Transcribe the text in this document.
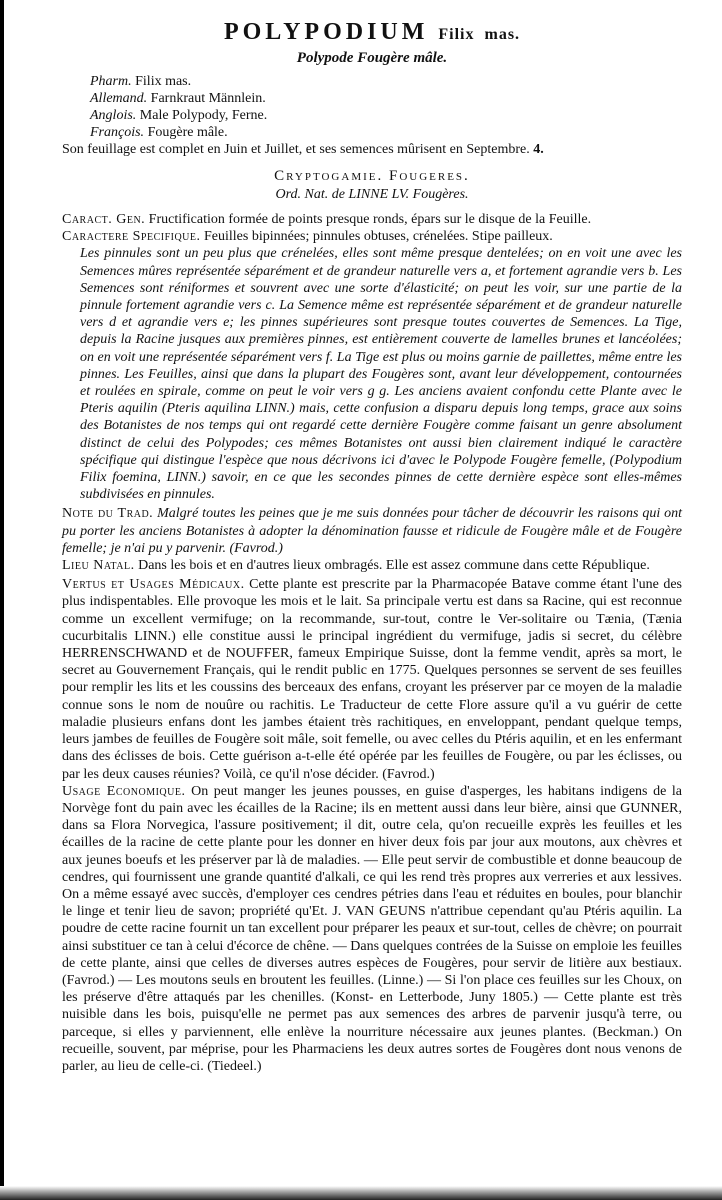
POLYPODIUM Filix mas.
Polypode Fougère mâle.
Pharm. Filix mas.
Allemand. Farnkraut Männlein.
Anglois. Male Polypody, Ferne.
François. Fougère mâle.
Son feuillage est complet en Juin et Juillet, et ses semences mûrisent en Septembre. 4.
Cryptogamie. Fougeres.
Ord. Nat. de LINNE LV. Fougères.
Caract. Gen. Fructification formée de points presque ronds, épars sur le disque de la Feuille.
Caractere Specifique. Feuilles bipinnées; pinnules obtuses, crénelées. Stipe pailleux.
Les pinnules sont un peu plus que crénelées, elles sont même presque dentelées; on en voit une avec les Semences mûres représentée séparément et de grandeur naturelle vers a, et fortement agrandie vers b. Les Semences sont réniformes et souvrent avec une sorte d'élasticité; on peut les voir, sur une partie de la pinnule fortement agrandie vers c. La Semence même est représentée séparément et de grandeur naturelle vers d et agrandie vers e; les pinnes supérieures sont presque toutes couvertes de Semences. La Tige, depuis la Racine jusques aux premières pinnes, est entièrement couverte de lamelles brunes et lancéolées; on en voit une représentée séparément vers f. La Tige est plus ou moins garnie de paillettes, même entre les pinnes. Les Feuilles, ainsi que dans la plupart des Fougères sont, avant leur développement, contournées et roulées en spirale, comme on peut le voir vers g g. Les anciens avaient confondu cette Plante avec le Pteris aquilin (Pteris aquilina LINN.) mais, cette confusion a disparu depuis long temps, grace aux soins des Botanistes de nos temps qui ont regardé cette dernière Fougère comme faisant un genre absolument distinct de celui des Polypodes; ces mêmes Botanistes ont aussi bien clairement indiqué le caractère spécifique qui distingue l'espèce que nous décrivons ici d'avec le Polypode Fougère femelle, (Polypodium Filix foemina, LINN.) savoir, en ce que les secondes pinnes de cette dernière espèce sont elles-mêmes subdivisées en pinnules.
Note du Trad. Malgré toutes les peines que je me suis données pour tâcher de découvrir les raisons qui ont pu porter les anciens Botanistes à adopter la dénomination fausse et ridicule de Fougère mâle et de Fougère femelle; je n'ai pu y parvenir. (Favrod.)
Lieu Natal. Dans les bois et en d'autres lieux ombragés. Elle est assez commune dans cette République.
Vertus et Usages Médicaux. Cette plante est prescrite par la Pharmacopée Batave comme étant l'une des plus indispentables. Elle provoque les mois et le lait. Sa principale vertu est dans sa Racine, qui est reconnue comme un excellent vermifuge; on la recommande, sur-tout, contre le Ver-solitaire ou Tænia, (Tænia cucurbitalis LINN.) elle constitue aussi le principal ingrédient du vermifuge, jadis si secret, du célèbre HERRENSCHWAND et de NOUFFER, fameux Empirique Suisse, dont la femme vendit, après sa mort, le secret au Gouvernement Français, qui le rendit public en 1775. Quelques personnes se servent de ses feuilles pour remplir les lits et les coussins des berceaux des enfans, croyant les préserver par ce moyen de la maladie connue sons le nom de nouûre ou rachitis. Le Traducteur de cette Flore assure qu'il a vu guérir de cette maladie plusieurs enfans dont les jambes étaient très rachitiques, en enveloppant, pendant quelque temps, leurs jambes de feuilles de Fougère soit mâle, soit femelle, ou avec celles du Ptéris aquilin, et en les enfermant dans des éclisses de bois. Cette guérison a-t-elle été opérée par les feuilles de Fougère, ou par les éclisses, ou par les deux causes réunies? Voilà, ce qu'il n'ose décider. (Favrod.)
Usage Economique. On peut manger les jeunes pousses, en guise d'asperges, les habitans indigens de la Norvège font du pain avec les écailles de la Racine; ils en mettent aussi dans leur bière, ainsi que GUNNER, dans sa Flora Norvegica, l'assure positivement; il dit, outre cela, qu'on recueille exprès les feuilles et les écailles de la racine de cette plante pour les donner en hiver deux fois par jour aux moutons, aux chèvres et aux jeunes boeufs et les préserver par là de maladies. — Elle peut servir de combustible et donne beaucoup de cendres, qui fournissent une grande quantité d'alkali, ce qui les rend très propres aux verreries et aux lessives. On a même essayé avec succès, d'employer ces cendres pétries dans l'eau et réduites en boules, pour blanchir le linge et tenir lieu de savon; propriété qu'Et. J. VAN GEUNS n'attribue cependant qu'au Ptéris aquilin. La poudre de cette racine fournit un tan excellent pour préparer les peaux et sur-tout, celles de chèvre; on pourrait ainsi substituer ce tan à celui d'écorce de chêne. — Dans quelques contrées de la Suisse on emploie les feuilles de cette plante, ainsi que celles de diverses autres espèces de Fougères, pour servir de litière aux bestiaux. (Favrod.) — Les moutons seuls en broutent les feuilles. (Linne.) — Si l'on place ces feuilles sur les Choux, on les préserve d'être attaqués par les chenilles. (Konst- en Letterbode, Juny 1805.) — Cette plante est très nuisible dans les bois, puisqu'elle ne permet pas aux semences des arbres de parvenir jusqu'à terre, ou parceque, si elles y parviennent, elle enlève la nourriture nécessaire aux jeunes plantes. (Beckman.) On recueille, souvent, par méprise, pour les Pharmaciens les deux autres sortes de Fougères dont nous venons de parler, au lieu de celle-ci. (Tiedeel.)
